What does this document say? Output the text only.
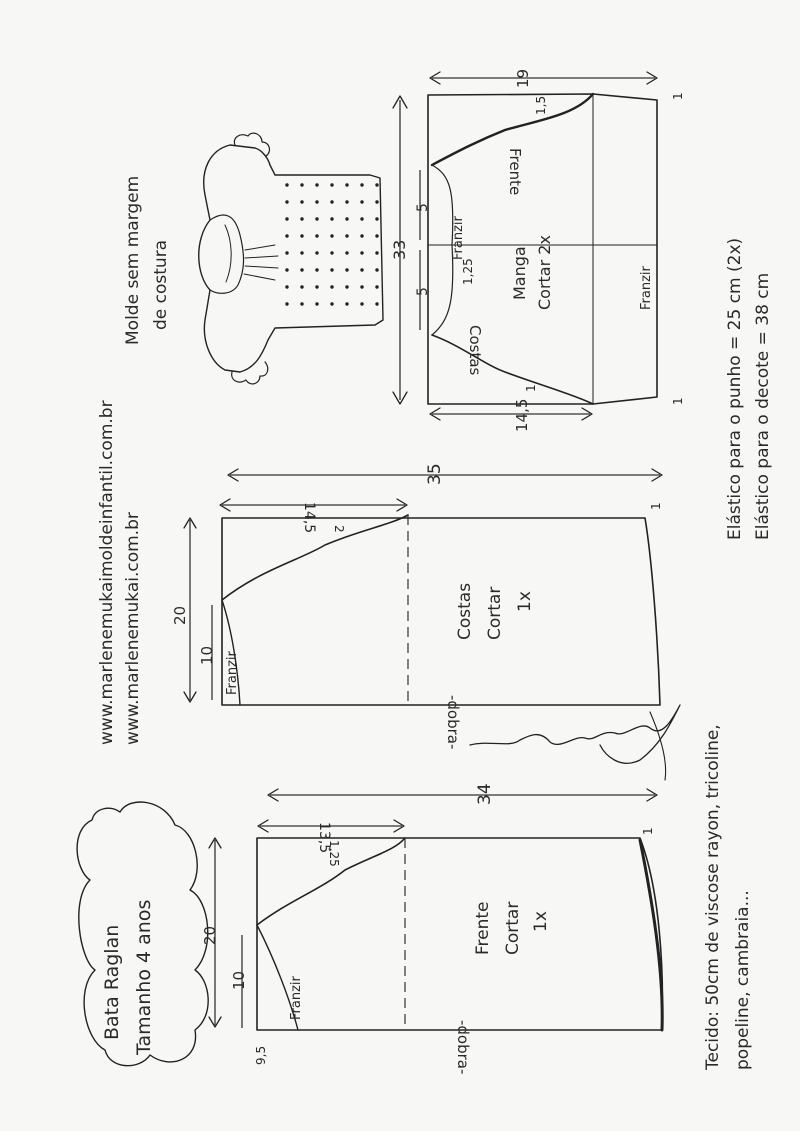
Bata Raglan Tamanho 4 anos
www.marlenemukaimoldeinfantil.com.br www.marlenemukai.com.br
Tecido: 50cm de viscose rayon, tricoline, popeline, cambraia...
Elástico para o punho = 25 cm (2x) Elástico para o decote = 38 cm
Molde sem margem de costura	33
19
14,5
5
5
Frente
Costas
Manga Cortar 2x
Franzir
Franzir
1,5
1
1,25
1
1
35
14,5
20
10
Costas Cortar 1x
-dobra-
Franzir
2
1
34
13,5
20
10
Frente Cortar 1x
-dobra-
Franzir
1,25
9,5
1
